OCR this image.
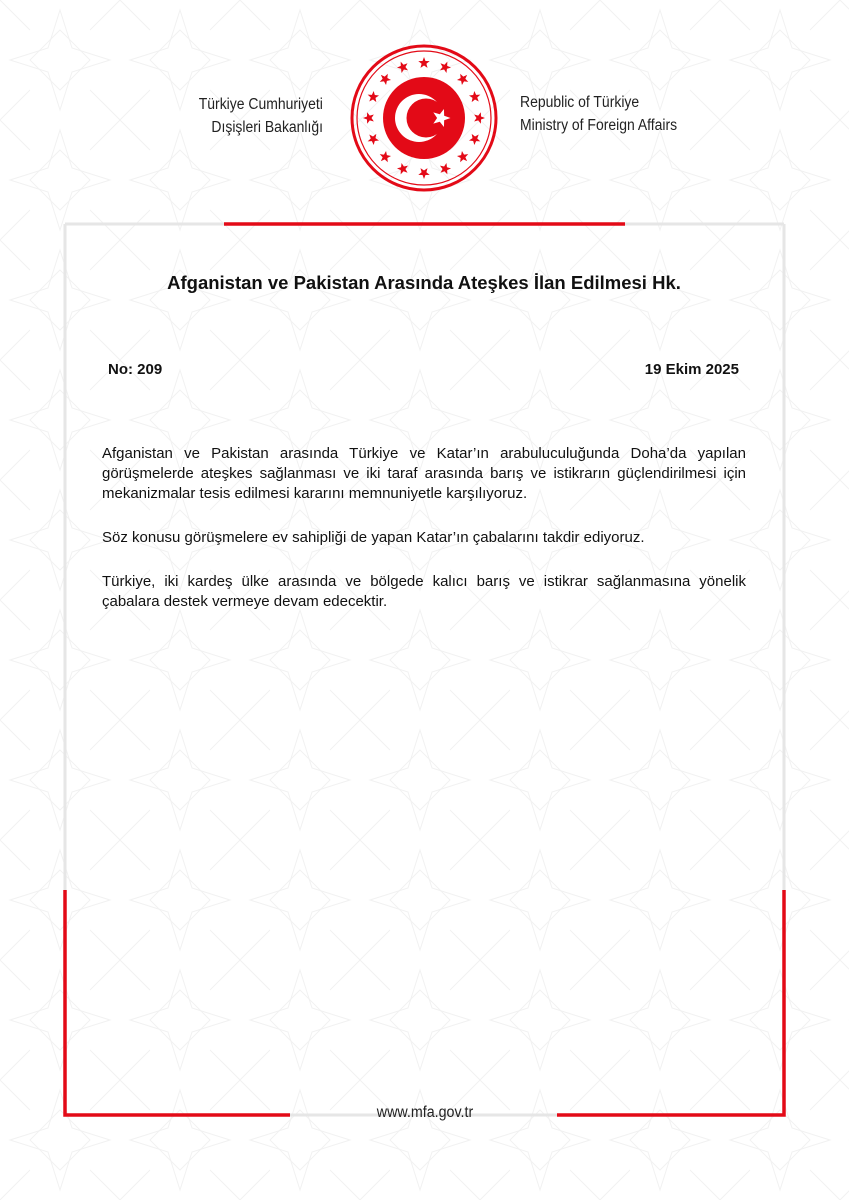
Türkiye Cumhuriyeti
Dışişleri Bakanlığı
Republic of Türkiye
Ministry of Foreign Affairs
Afganistan ve Pakistan Arasında Ateşkes İlan Edilmesi Hk.
No: 209	19 Ekim 2025

Afganistan ve Pakistan arasında Türkiye ve Katar’ın arabuluculuğunda Doha’da yapılan görüşmelerde ateşkes sağlanması ve iki taraf arasında barış ve istikrarın güçlendirilmesi için mekanizmalar tesis edilmesi kararını memnuniyetle karşılıyoruz.

Söz konusu görüşmelere ev sahipliği de yapan Katar’ın çabalarını takdir ediyoruz.

Türkiye, iki kardeş ülke arasında ve bölgede kalıcı barış ve istikrar sağlanmasına yönelik çabalara destek vermeye devam edecektir.

www.mfa.gov.tr
